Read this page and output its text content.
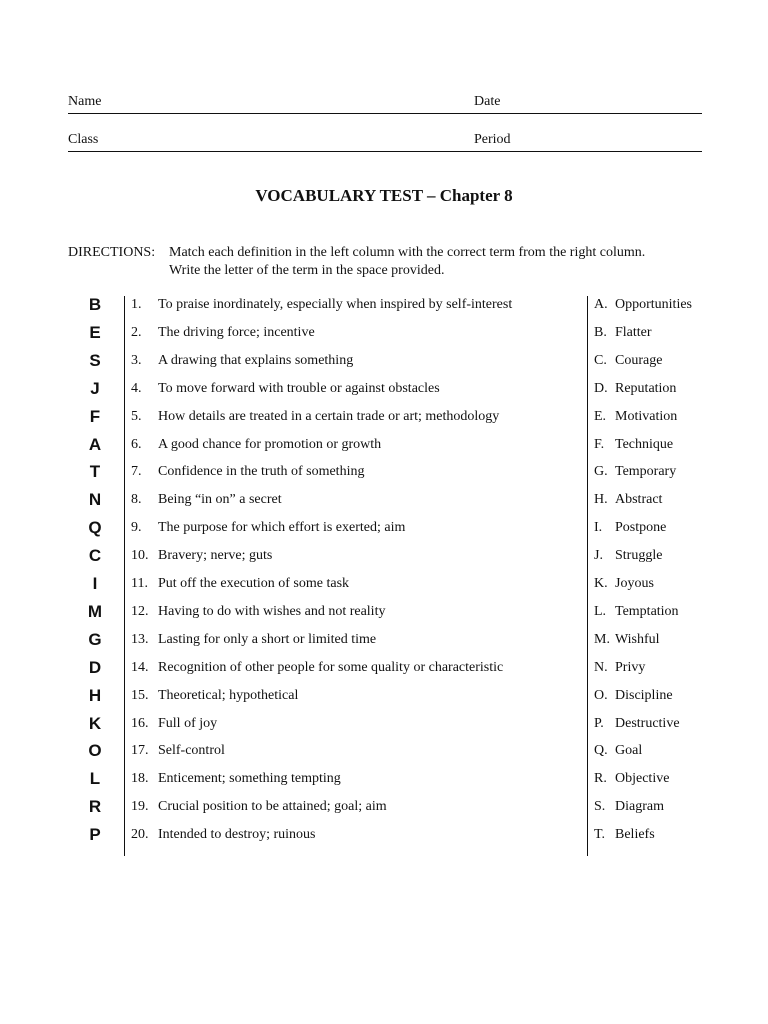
Name	Date
Class	Period
VOCABULARY TEST – Chapter 8
DIRECTIONS: Match each definition in the left column with the correct term from the right column.
Write the letter of the term in the space provided.
B	1. To praise inordinately, especially when inspired by self-interest	A. Opportunities
E	2. The driving force; incentive	B. Flatter
S	3. A drawing that explains something	C. Courage
J	4. To move forward with trouble or against obstacles	D. Reputation
F	5. How details are treated in a certain trade or art; methodology	E. Motivation
A	6. A good chance for promotion or growth	F. Technique
T	7. Confidence in the truth of something	G. Temporary
N	8. Being “in on” a secret	H. Abstract
Q	9. The purpose for which effort is exerted; aim	I. Postpone
C	10. Bravery; nerve; guts	J. Struggle
I	11. Put off the execution of some task	K. Joyous
M	12. Having to do with wishes and not reality	L. Temptation
G	13. Lasting for only a short or limited time	M. Wishful
D	14. Recognition of other people for some quality or characteristic	N. Privy
H	15. Theoretical; hypothetical	O. Discipline
K	16. Full of joy	P. Destructive
O	17. Self-control	Q. Goal
L	18. Enticement; something tempting	R. Objective
R	19. Crucial position to be attained; goal; aim	S. Diagram
P	20. Intended to destroy; ruinous	T. Beliefs
